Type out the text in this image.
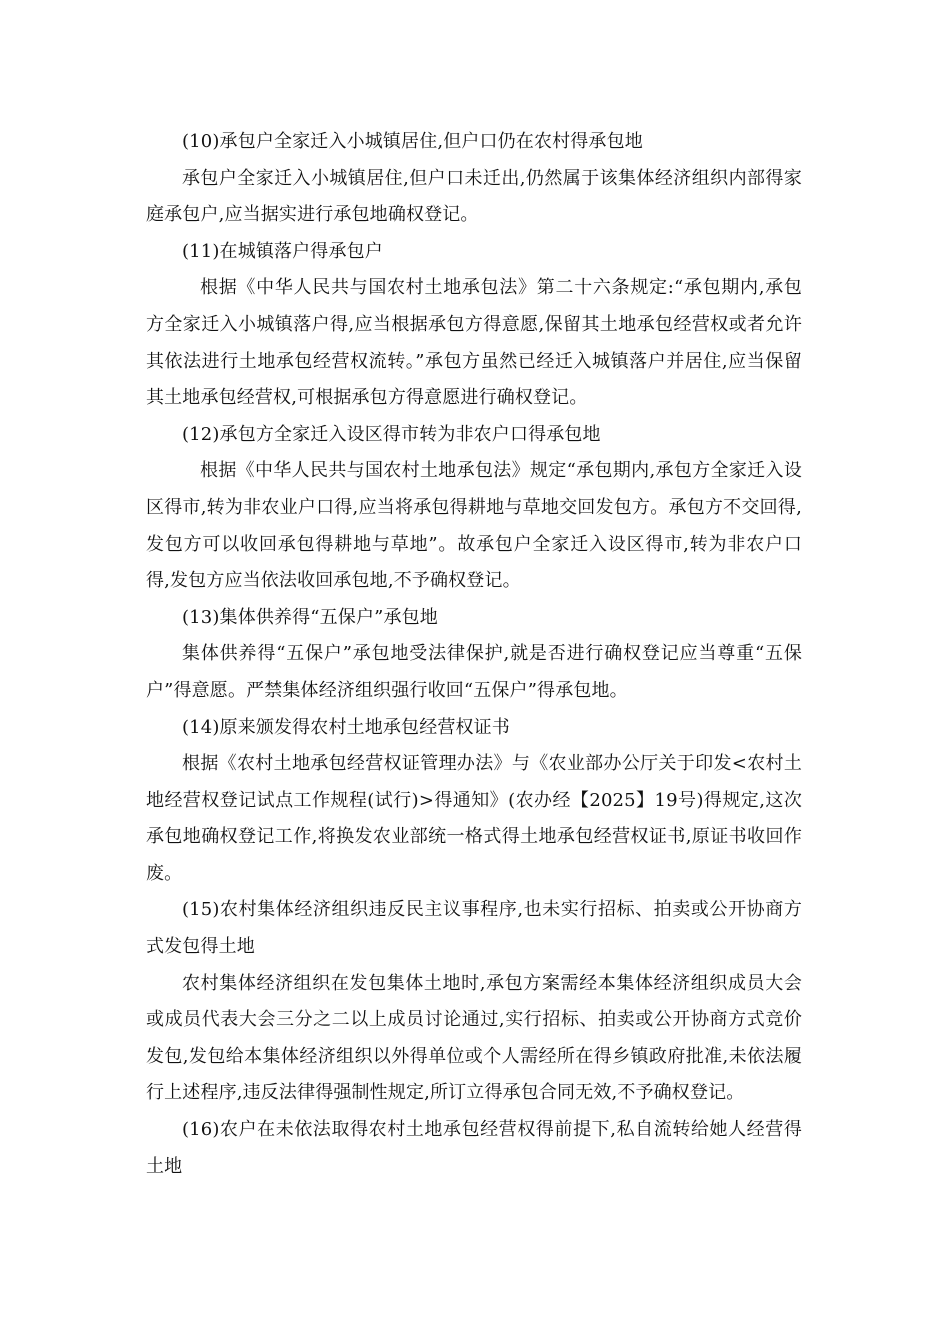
(10)承包户全家迁入小城镇居住,但户口仍在农村得承包地

承包户全家迁入小城镇居住,但户口未迁出,仍然属于该集体经济组织内部得家庭承包户,应当据实进行承包地确权登记。

(11)在城镇落户得承包户

根据《中华人民共与国农村土地承包法》第二十六条规定:“承包期内,承包方全家迁入小城镇落户得,应当根据承包方得意愿,保留其土地承包经营权或者允许其依法进行土地承包经营权流转。”承包方虽然已经迁入城镇落户并居住,应当保留其土地承包经营权,可根据承包方得意愿进行确权登记。

(12)承包方全家迁入设区得市转为非农户口得承包地

根据《中华人民共与国农村土地承包法》规定“承包期内,承包方全家迁入设区得市,转为非农业户口得,应当将承包得耕地与草地交回发包方。承包方不交回得,发包方可以收回承包得耕地与草地”。故承包户全家迁入设区得市,转为非农户口得,发包方应当依法收回承包地,不予确权登记。

(13)集体供养得“五保户”承包地

集体供养得“五保户”承包地受法律保护,就是否进行确权登记应当尊重“五保户”得意愿。严禁集体经济组织强行收回“五保户”得承包地。

(14)原来颁发得农村土地承包经营权证书

根据《农村土地承包经营权证管理办法》与《农业部办公厅关于印发<农村土地经营权登记试点工作规程(试行)>得通知》(农办经【2025】19号)得规定,这次承包地确权登记工作,将换发农业部统一格式得土地承包经营权证书,原证书收回作废。

(15)农村集体经济组织违反民主议事程序,也未实行招标、拍卖或公开协商方式发包得土地

农村集体经济组织在发包集体土地时,承包方案需经本集体经济组织成员大会或成员代表大会三分之二以上成员讨论通过,实行招标、拍卖或公开协商方式竞价发包,发包给本集体经济组织以外得单位或个人需经所在得乡镇政府批准,未依法履行上述程序,违反法律得强制性规定,所订立得承包合同无效,不予确权登记。

(16)农户在未依法取得农村土地承包经营权得前提下,私自流转给她人经营得土地
